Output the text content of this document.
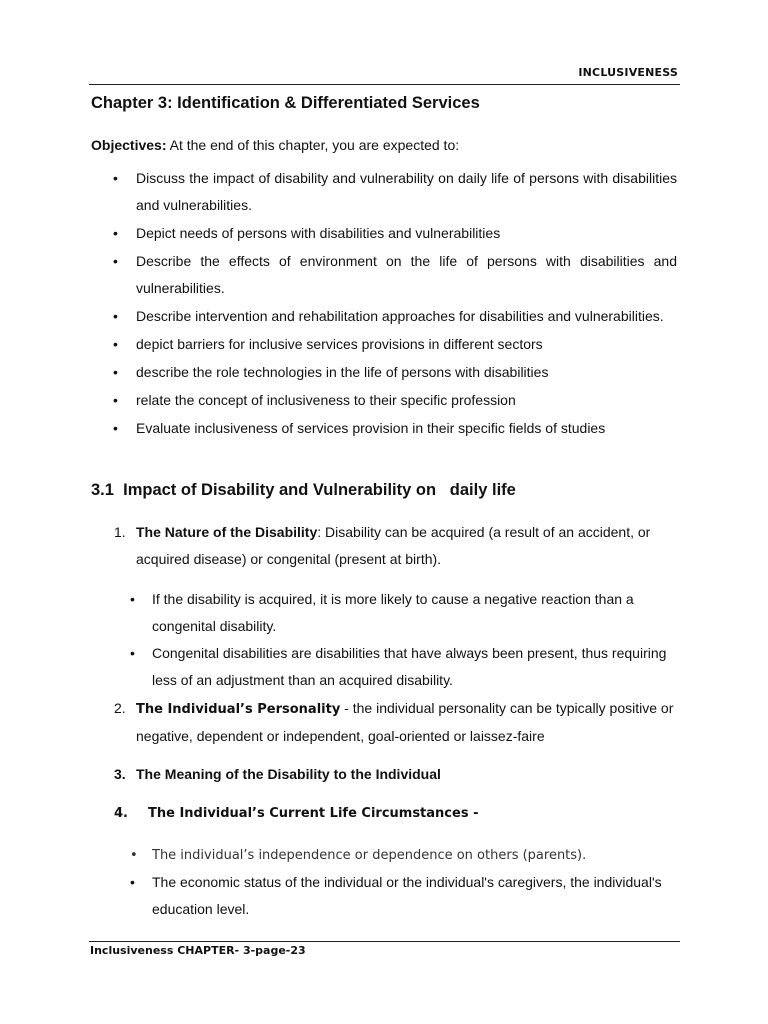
INCLUSIVENESS
Chapter 3: Identification & Differentiated Services
Objectives: At the end of this chapter, you are expected to:
• Discuss the impact of disability and vulnerability on daily life of persons with disabilities and vulnerabilities.
• Depict needs of persons with disabilities and vulnerabilities
• Describe the effects of environment on the life of persons with disabilities and vulnerabilities.
• Describe intervention and rehabilitation approaches for disabilities and vulnerabilities.
• depict barriers for inclusive services provisions in different sectors
• describe the role technologies in the life of persons with disabilities
• relate the concept of inclusiveness to their specific profession
• Evaluate inclusiveness of services provision in their specific fields of studies
3.1  Impact of Disability and Vulnerability on   daily life
1. The Nature of the Disability: Disability can be acquired (a result of an accident, or acquired disease) or congenital (present at birth).
• If the disability is acquired, it is more likely to cause a negative reaction than a congenital disability.
• Congenital disabilities are disabilities that have always been present, thus requiring less of an adjustment than an acquired disability.
2. The Individual’s Personality - the individual personality can be typically positive or negative, dependent or independent, goal-oriented or laissez-faire
3. The Meaning of the Disability to the Individual
4. The Individual’s Current Life Circumstances -
• The individual’s independence or dependence on others (parents).
• The economic status of the individual or the individual's caregivers, the individual's education level.
Inclusiveness CHAPTER- 3-page-23
